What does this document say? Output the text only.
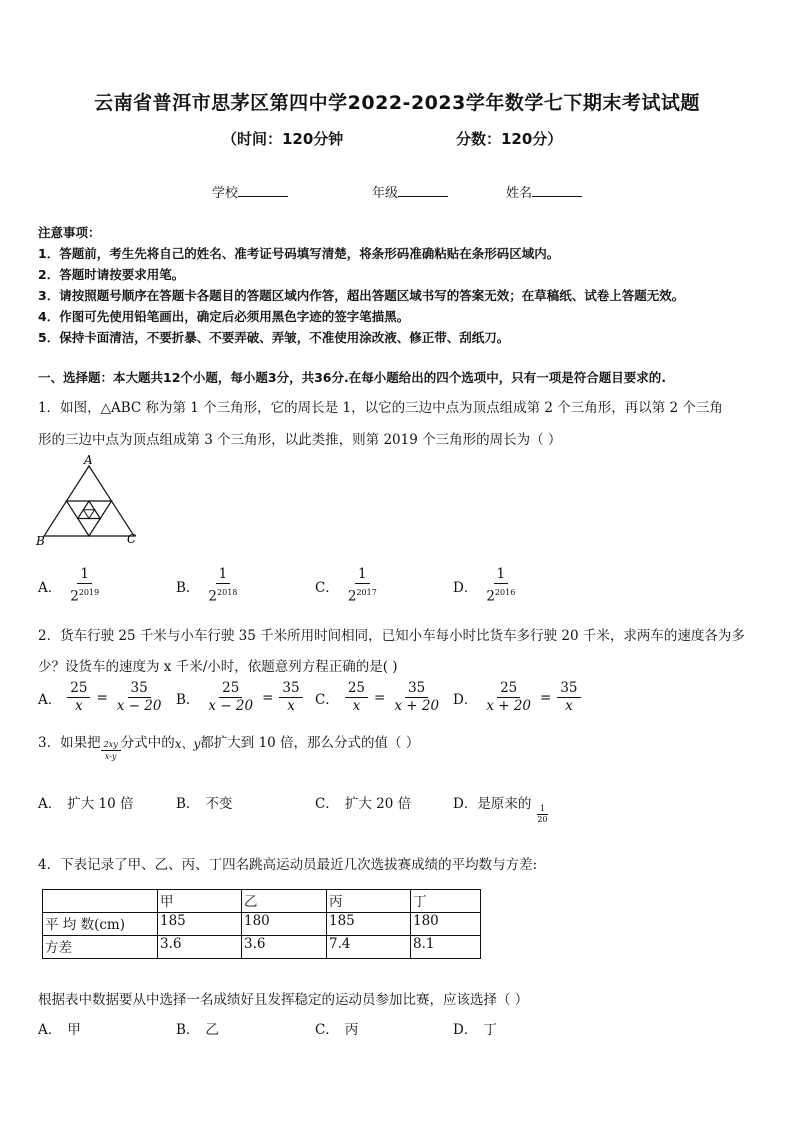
云南省普洱市思茅区第四中学2022-2023学年数学七下期末考试试题
（时间：120分钟	分数：120分）
学校	年级	姓名
注意事项：
1．答题前，考生先将自己的姓名、准考证号码填写清楚，将条形码准确粘贴在条形码区域内。
2．答题时请按要求用笔。
3．请按照题号顺序在答题卡各题目的答题区域内作答，超出答题区域书写的答案无效；在草稿纸、试卷上答题无效。
4．作图可先使用铅笔画出，确定后必须用黑色字迹的签字笔描黑。
5．保持卡面清洁，不要折暴、不要弄破、弄皱，不准使用涂改液、修正带、刮纸刀。
一、选择题：本大题共12个小题，每小题3分，共36分.在每小题给出的四个选项中，只有一项是符合题目要求的.
1．如图，△ABC 称为第 1 个三角形，它的周长是 1，以它的三边中点为顶点组成第 2 个三角形，再以第 2 个三角
形的三边中点为顶点组成第 3 个三角形，以此类推，则第 2019 个三角形的周长为（ ）
A
B	C
A． $\frac{1}{2^{2019}}$	B． $\frac{1}{2^{2018}}$	C． $\frac{1}{2^{2017}}$	D． $\frac{1}{2^{2016}}$
2．货车行驶 25 千米与小车行驶 35 千米所用时间相同，已知小车每小时比货车多行驶 20 千米，求两车的速度各为多
少？设货车的速度为 x 千米/小时，依题意列方程正确的是( )
A． $\frac{25}{x} = \frac{35}{x - 20}$ B． $\frac{25}{x - 20} = \frac{35}{x}$ C． $\frac{25}{x} = \frac{35}{x + 20}$ D． $\frac{25}{x + 20} = \frac{35}{x}$
3．如果把 $\frac{2xy}{x-y}$ 分式中的 x、y 都扩大到 10 倍，那么分式的值（ ）
A． 扩大 10 倍	B． 不变	C． 扩大 20 倍	D． 是原来的 $\frac{1}{20}$
4．下表记录了甲、乙、丙、丁四名跳高运动员最近几次选拔赛成绩的平均数与方差:
	甲	乙	丙	丁
平 均 数(cm)	185	180	185	180
方差	3.6	3.6	7.4	8.1
根据表中数据要从中选择一名成绩好且发挥稳定的运动员参加比赛，应该选择（ ）
A． 甲	B． 乙	C． 丙	D． 丁
